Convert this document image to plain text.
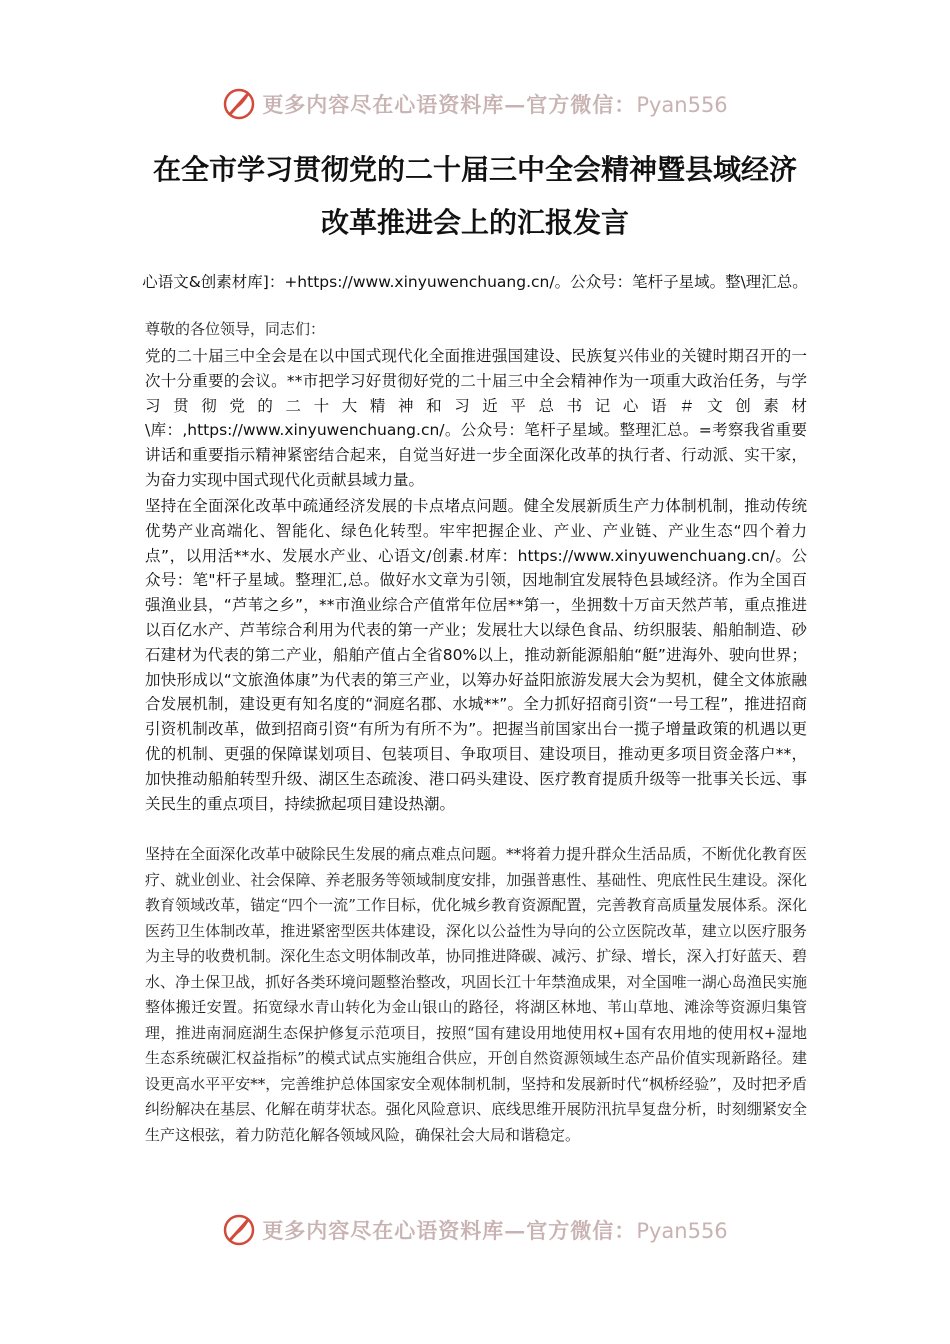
更多内容尽在心语资料库—官方微信：Pyan556
在全市学习贯彻党的二十届三中全会精神暨县域经济
改革推进会上的汇报发言
心语文&创素材库]：+https://www.xinyuwenchuang.cn/。公众号：笔杆子星域。整\理汇总。
尊敬的各位领导，同志们：

党的二十届三中全会是在以中国式现代化全面推进强国建设、民族复兴伟业的关键时期召开的一次十分重要的会议。**市把学习好贯彻好党的二十届三中全会精神作为一项重大政治任务，与学习贯彻党的二十大精神和习近平总书记心语＃文创素材\库：,https://www.xinyuwenchuang.cn/。公众号：笔杆子星域。整理汇总。=考察我省重要讲话和重要指示精神紧密结合起来，自觉当好进一步全面深化改革的执行者、行动派、实干家，为奋力实现中国式现代化贡献县域力量。

坚持在全面深化改革中疏通经济发展的卡点堵点问题。健全发展新质生产力体制机制，推动传统优势产业高端化、智能化、绿色化转型。牢牢把握企业、产业、产业链、产业生态“四个着力点”，以用活**水、发展水产业、心语文/创素.材库：https://www.xinyuwenchuang.cn/。公众号：笔"杆子星域。整理汇,总。做好水文章为引领，因地制宜发展特色县域经济。作为全国百强渔业县，“芦苇之乡”，**市渔业综合产值常年位居**第一，坐拥数十万亩天然芦苇，重点推进以百亿水产、芦苇综合利用为代表的第一产业；发展壮大以绿色食品、纺织服装、船舶制造、砂石建材为代表的第二产业，船舶产值占全省80%以上，推动新能源船舶“艇”进海外、驶向世界；加快形成以“文旅渔体康”为代表的第三产业，以筹办好益阳旅游发展大会为契机，健全文体旅融合发展机制，建设更有知名度的“洞庭名郡、水城**”。全力抓好招商引资“一号工程”，推进招商引资机制改革，做到招商引资“有所为有所不为”。把握当前国家出台一揽子增量政策的机遇以更优的机制、更强的保障谋划项目、包装项目、争取项目、建设项目，推动更多项目资金落户**，加快推动船舶转型升级、湖区生态疏浚、港口码头建设、医疗教育提质升级等一批事关长远、事关民生的重点项目，持续掀起项目建设热潮。

坚持在全面深化改革中破除民生发展的痛点难点问题。**将着力提升群众生活品质，不断优化教育医疗、就业创业、社会保障、养老服务等领域制度安排，加强普惠性、基础性、兜底性民生建设。深化教育领域改革，锚定“四个一流”工作目标，优化城乡教育资源配置，完善教育高质量发展体系。深化医药卫生体制改革，推进紧密型医共体建设，深化以公益性为导向的公立医院改革，建立以医疗服务为主导的收费机制。深化生态文明体制改革，协同推进降碳、减污、扩绿、增长，深入打好蓝天、碧水、净土保卫战，抓好各类环境问题整治整改，巩固长江十年禁渔成果，对全国唯一湖心岛渔民实施整体搬迁安置。拓宽绿水青山转化为金山银山的路径，将湖区林地、苇山草地、滩涂等资源归集管理，推进南洞庭湖生态保护修复示范项目，按照“国有建设用地使用权+国有农用地的使用权+湿地生态系统碳汇权益指标”的模式试点实施组合供应，开创自然资源领域生态产品价值实现新路径。建设更高水平平安**，完善维护总体国家安全观体制机制，坚持和发展新时代“枫桥经验”，及时把矛盾纠纷解决在基层、化解在萌芽状态。强化风险意识、底线思维开展防汛抗旱复盘分析，时刻绷紧安全生产这根弦，着力防范化解各领域风险，确保社会大局和谐稳定。

更多内容尽在心语资料库—官方微信：Pyan556
